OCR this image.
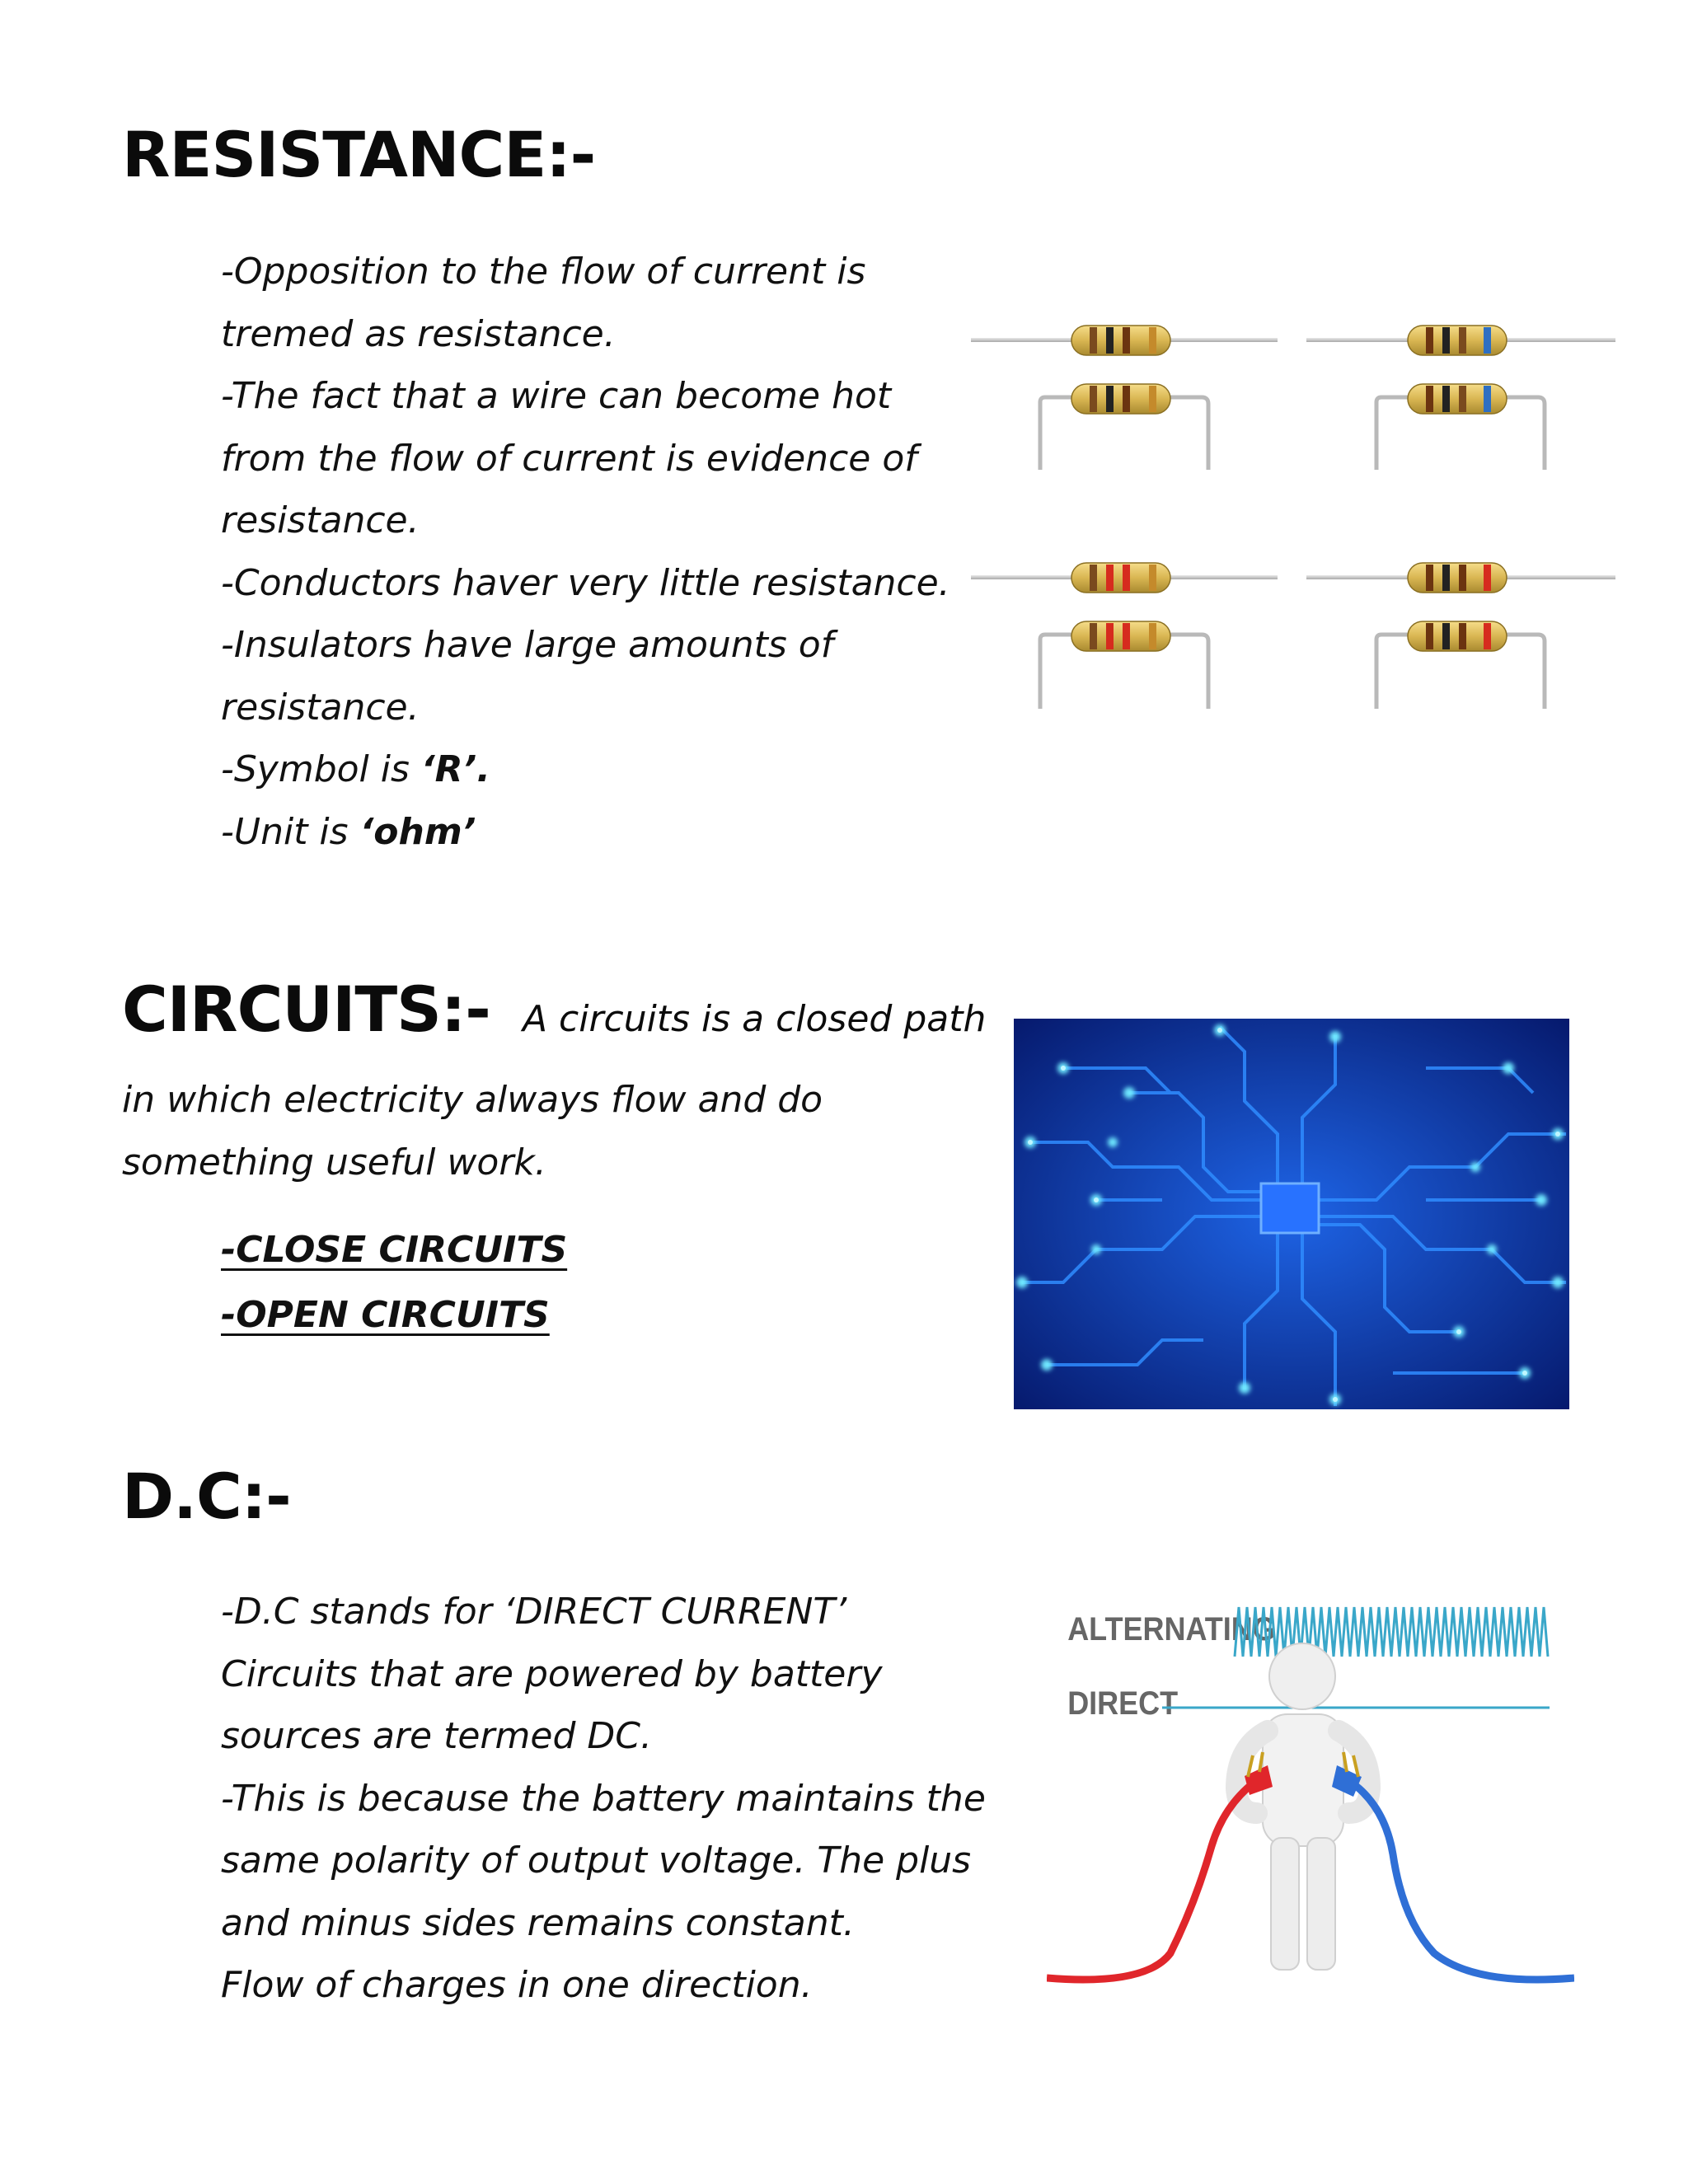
RESISTANCE:-
-Opposition to the flow of current is
tremed as resistance.
-The fact that a wire can become hot
from the flow of current is evidence of
resistance.
-Conductors haver very little resistance.
-Insulators have large amounts of
resistance.
-Symbol is ‘R’.
-Unit is ‘ohm’
CIRCUITS:- A circuits is a closed path
in which electricity always flow and do
something useful work.
-CLOSE CIRCUITS
-OPEN CIRCUITS
D.C:-
-D.C stands for ‘DIRECT CURRENT’
Circuits that are powered by battery
sources are termed DC.
-This is because the battery maintains the
same polarity of output voltage. The plus
and minus sides remains constant.
Flow of charges in one direction.
ALTERNATING
DIRECT
